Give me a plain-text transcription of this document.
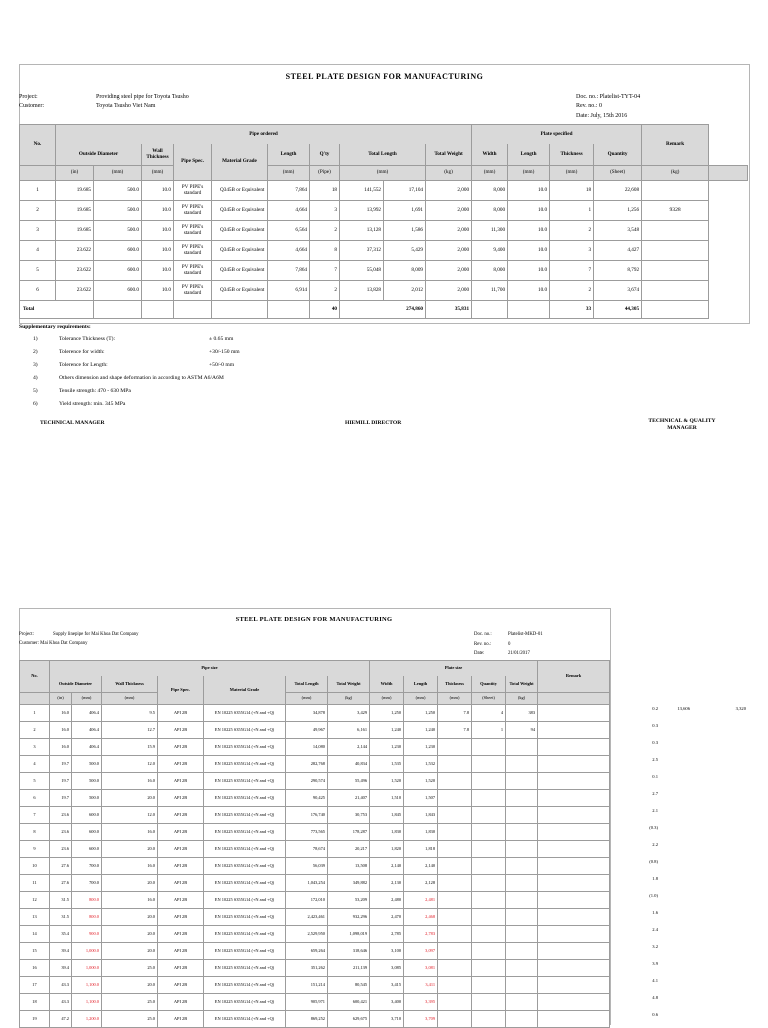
STEEL PLATE DESIGN FOR MANUFACTURING
Project:	Providing steel pipe for Toyota Tsusho
Customer:	Toyota Tsusho Viet Nam
Doc. no.: Platelist-TYT-04
Rev. no.: 0
Date: July, 15th 2016
No.	Pipe ordered										Plate specified				Remark	
	Outside Diameter		Wall Thickness	Pipe Spec.	Material Grade	Length	Q'ty	Total Length		Total Weight	Width	Length	Thickness	Quantity		
	(in)	(mm)	(mm)			(mm)	(Pipe)	(mm)		(kg)	(mm)	(mm)	(mm)	(Sheet)	(kg)	
1	19.685	500.0	10.0	PV PIPE's standard	Q345B or Equivalent	7,864	18	141,552	17,104	2,000	8,000	10.0	18	22,608		
2	19.685	500.0	10.0	PV PIPE's standard	Q345B or Equivalent	4,664	3	13,992	1,691	2,000	8,000	10.0	1	1,256	9328	
3	19.685	500.0	10.0	PV PIPE's standard	Q345B or Equivalent	6,564	2	13,128	1,586	2,000	11,300	10.0	2	3,548		
4	23.622	600.0	10.0	PV PIPE's standard	Q345B or Equivalent	4,664	8	37,312	5,429	2,000	9,400	10.0	3	4,427		
5	23.622	600.0	10.0	PV PIPE's standard	Q345B or Equivalent	7,864	7	55,048	8,009	2,000	8,000	10.0	7	8,792		
6	23.622	600.0	10.0	PV PIPE's standard	Q345B or Equivalent	6,914	2	13,828	2,012	2,000	11,700	10.0	2	3,674		
Total							40	274,860		35,831			33	44,305		
Supplementary requirements:
1)	Tolerance Thickness (T):	± 0.65 mm
2)	Tolerence for width:	+30/-150 mm
3)	Tolerence for Length:	+50/-0 mm
4)	Others dimension and shape deformation in according to ASTM A6/A6M
5)	Tensile strength: 470 - 630 MPa
6)	Yield strength: min. 345 MPa
TECHNICAL MANAGER	HIEMILL DIRECTOR	TECHNICAL & QUALITY MANAGER
STEEL PLATE DESIGN FOR MANUFACTURING
Project:	Supply linepipe for Mai Khoa Dat Company
Customer: Mai Khoa Dat Company
Doc. no.:	Platelist-MKD-01
Rev. no.:	0
Date:	21/01/2017
No.	Pipe size							Plate size					Remark
	Outside Diameter		Wall Thickness	Pipe Spec.	Material Grade	Total Length	Total Weight	Width	Length	Thickness	Quantity	Total Weight	
	(in)	(mm)	(mm)			(mm)	(kg)	(mm)	(mm)	(mm)	(Sheet)	(kg)	
1	16.0	406.4	9.5	API 2B	EN 10225 S355G14 (+N and +Q)	34,878	3,429	1,250	1,250	7.8	4	383	
2	16.0	406.4	12.7	API 2B	EN 10225 S355G14 (+N and +Q)	49,967	6,161	1,240	1,240	7.8	1	94	
3	16.0	406.4	15.9	API 2B	EN 10225 S355G14 (+N and +Q)	14,080	2,144	1,230	1,230				
4	19.7	500.0	12.0	API 2B	EN 10225 S355G14 (+N and +Q)	282,768	40,834	1,535	1,532				
5	19.7	500.0	16.0	API 2B	EN 10225 S355G14 (+N and +Q)	290,574	55,496	1,520	1,520				
6	19.7	500.0	20.0	API 2B	EN 10225 S355G14 (+N and +Q)	90,425	21,407	1,510	1,507				
7	23.6	600.0	12.0	API 2B	EN 10225 S355G14 (+N and +Q)	176,740	30,753	1,845	1,843				
8	23.6	600.0	16.0	API 2B	EN 10225 S355G14 (+N and +Q)	773,565	178,287	1,830	1,830				
9	23.6	600.0	20.0	API 2B	EN 10225 S355G14 (+N and +Q)	78,674	20,217	1,820	1,818				
10	27.6	700.0	16.0	API 2B	EN 10225 S355G14 (+N and +Q)	56,039	13,508	2,140	2,140				
11	27.6	700.0	20.0	API 2B	EN 10225 S355G14 (+N and +Q)	1,043,254	349,882	2,130	2,128				
12	31.5	800.0	16.0	API 2B	EN 10225 S355G14 (+N and +Q)	172,010	53,209	2,480	2,481				
13	31.5	800.0	20.0	API 2B	EN 10225 S355G14 (+N and +Q)	2,423,461	932,296	2,470	2,468				
14	35.4	900.0	20.0	API 2B	EN 10225 S355G14 (+N and +Q)	2,529,950	1,098,019	2,785	2,783				
15	39.4	1,000.0	20.0	API 2B	EN 10225 S355G14 (+N and +Q)	659,264	318,646	3,100	3,097				
16	39.4	1,000.0	25.0	API 2B	EN 10225 S355G14 (+N and +Q)	351,262	211,139	3,085	3,081				
17	43.3	1,100.0	20.0	API 2B	EN 10225 S355G14 (+N and +Q)	151,214	80,545	3,415	3,411				
18	43.3	1,100.0	25.0	API 2B	EN 10225 S355G14 (+N and +Q)	905,971	600,421	3,400	3,395				
19	47.2	1,200.0	25.0	API 2B	EN 10225 S355G14 (+N and +Q)	869,252	629,675	3,710	3,709				
0.2	13,606	3,320
0.3
0.3
2.5
0.1
2.7
2.1
(0.3)
2.2
(0.8)
1.8
(1.0)
1.6
2.4
3.2
3.9
4.1
4.8
0.6
